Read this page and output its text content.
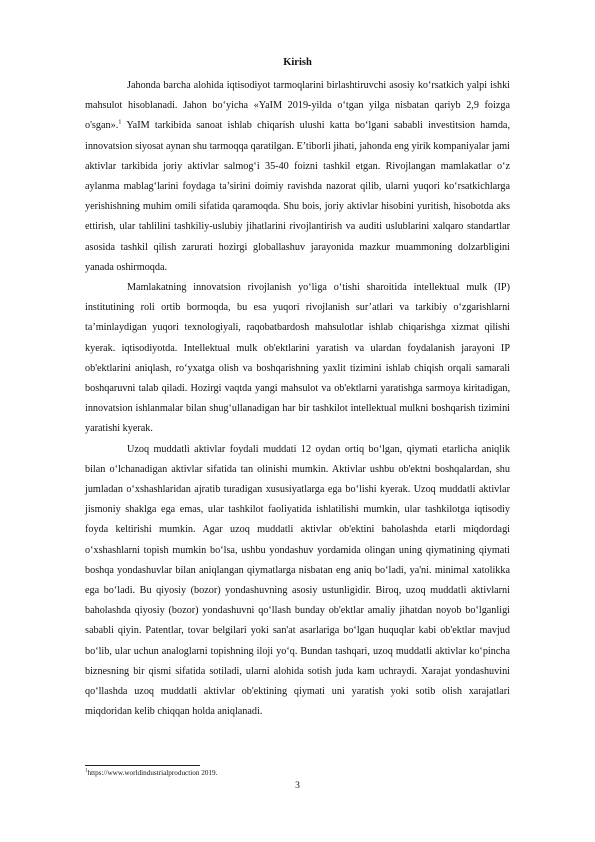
Kirish

Jahonda barcha alohida iqtisodiyot tarmoqlarini birlashtiruvchi asosiy ko‘rsatkich yalpi ishki mahsulot hisoblanadi. Jahon bo‘yicha «YaIM 2019-yilda o‘tgan yilga nisbatan qariyb 2,9 foizga o'sgan».$^1$ YaIM tarkibida sanoat ishlab chiqarish ulushi katta bo‘lgani sababli investitsion hamda, innovatsion siyosat aynan shu tarmoqqa qaratilgan. E’tiborli jihati, jahonda eng yirik kompaniyalar jami aktivlar tarkibida joriy aktivlar salmog‘i 35-40 foizni tashkil etgan. Rivojlangan mamlakatlar o‘z aylanma mablag‘larini foydaga ta’sirini doimiy ravishda nazorat qilib, ularni yuqori ko‘rsatkichlarga yerishishning muhim omili sifatida qaramoqda. Shu bois, joriy aktivlar hisobini yuritish, hisobotda aks ettirish, ular tahlilini tashkiliy-uslubiy jihatlarini rivojlantirish va auditi uslublarini xalqaro standartlar asosida tashkil qilish zarurati hozirgi globallashuv jarayonida mazkur muammoning dolzarbligini yanada oshirmoqda.

Mamlakatning innovatsion rivojlanish yo‘liga o‘tishi sharoitida intellektual mulk (IP) institutining roli ortib bormoqda, bu esa yuqori rivojlanish sur’atlari va tarkibiy o‘zgarishlarni ta’minlaydigan yuqori texnologiyali, raqobatbardosh mahsulotlar ishlab chiqarishga xizmat qilishi kyerak. iqtisodiyotda. Intellektual mulk ob'ektlarini yaratish va ulardan foydalanish jarayoni IP ob'ektlarini aniqlash, ro‘yxatga olish va boshqarishning yaxlit tizimini ishlab chiqish orqali samarali boshqaruvni talab qiladi. Hozirgi vaqtda yangi mahsulot va ob'ektlarni yaratishga sarmoya kiritadigan, innovatsion ishlanmalar bilan shug‘ullanadigan har bir tashkilot intellektual mulkni boshqarish tizimini yaratishi kyerak.

Uzoq muddatli aktivlar foydali muddati 12 oydan ortiq bo‘lgan, qiymati etarlicha aniqlik bilan o‘lchanadigan aktivlar sifatida tan olinishi mumkin. Aktivlar ushbu ob'ektni boshqalardan, shu jumladan o‘xshashlaridan ajratib turadigan xususiyatlarga ega bo‘lishi kyerak. Uzoq muddatli aktivlar jismoniy shaklga ega emas, ular tashkilot faoliyatida ishlatilishi mumkin, ular tashkilotga iqtisodiy foyda keltirishi mumkin. Agar uzoq muddatli aktivlar ob'ektini baholashda etarli miqdordagi o‘xshashlarni topish mumkin bo‘lsa, ushbu yondashuv yordamida olingan uning qiymatining qiymati boshqa yondashuvlar bilan aniqlangan qiymatlarga nisbatan eng aniq bo‘ladi, ya'ni. minimal xatolikka ega bo‘ladi. Bu qiyosiy (bozor) yondashuvning asosiy ustunligidir. Biroq, uzoq muddatli aktivlarni baholashda qiyosiy (bozor) yondashuvni qo‘llash bunday ob'ektlar amaliy jihatdan noyob bo‘lganligi sababli qiyin. Patentlar, tovar belgilari yoki san'at asarlariga bo‘lgan huquqlar kabi ob'ektlar mavjud bo‘lib, ular uchun analoglarni topishning iloji yo‘q. Bundan tashqari, uzoq muddatli aktivlar ko‘pincha biznesning bir qismi sifatida sotiladi, ularni alohida sotish juda kam uchraydi. Xarajat yondashuvini qo‘llashda uzoq muddatli aktivlar ob'ektining qiymati uni yaratish yoki sotib olish xarajatlari miqdoridan kelib chiqqan holda aniqlanadi.

$^1$https://www.worldindustrialproduction 2019.
3
